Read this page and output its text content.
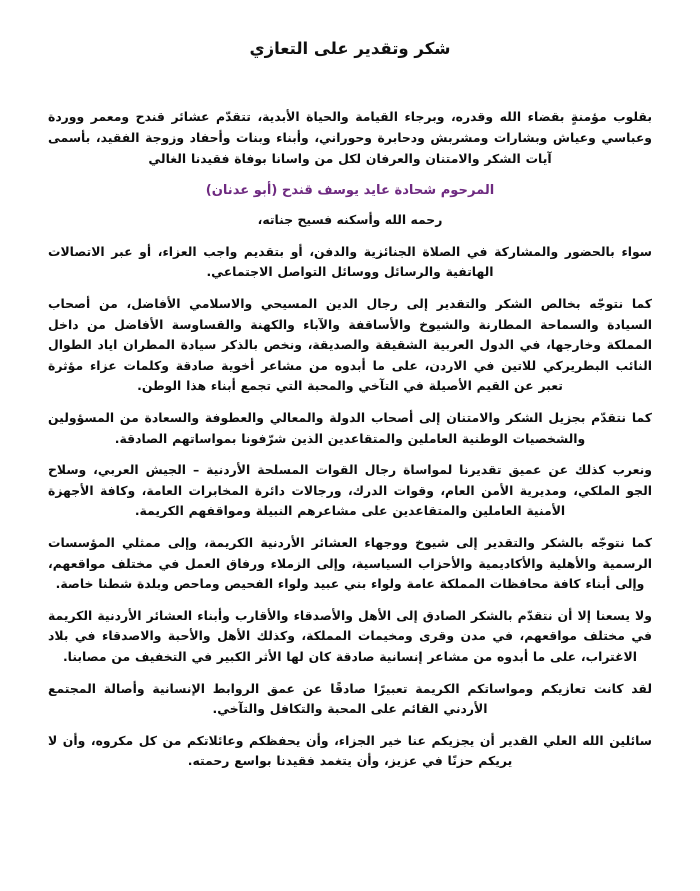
شكر وتقدير على التعازي

بقلوب مؤمنةٍ بقضاء الله وقدره، وبرجاء القيامة والحياة الأبدية، تتقدّم عشائر قندح ومعمر ووردة وعباسي وعياش وبشارات ومشربش ودحابرة وحوراني، وأبناء وبنات وأحفاد وزوجة الفقيد، بأسمى آيات الشكر والامتنان والعرفان لكل من واسانا بوفاة فقيدنا الغالي

المرحوم شحادة عايد يوسف قندح (أبو عدنان)

رحمه الله وأسكنه فسيح جناته،

سواء بالحضور والمشاركة في الصلاة الجنائزية والدفن، أو بتقديم واجب العزاء، أو عبر الاتصالات الهاتفية والرسائل ووسائل التواصل الاجتماعي.

كما نتوجّه بخالص الشكر والتقدير إلى رجال الدين المسيحي والاسلامي الأفاضل، من أصحاب السيادة والسماحة المطارنة والشيوخ والأساقفة والآباء والكهنة والقساوسة الأفاضل من داخل المملكة وخارجها، في الدول العربية الشقيقة والصديقة، ونخص بالذكر سيادة المطران اياد الطوال النائب البطريركي للاتين في الاردن، على ما أبدوه من مشاعر أخوية صادقة وكلمات عزاء مؤثرة تعبر عن القيم الأصيلة في التآخي والمحبة التي تجمع أبناء هذا الوطن.

كما نتقدّم بجزيل الشكر والامتنان إلى أصحاب الدولة والمعالي والعطوفة والسعادة من المسؤولين والشخصيات الوطنية العاملين والمتقاعدين الذين شرّفونا بمواساتهم الصادقة.

ونعرب كذلك عن عميق تقديرنا لمواساة رجال القوات المسلحة الأردنية – الجيش العربي، وسلاح الجو الملكي، ومديرية الأمن العام، وقوات الدرك، ورجالات دائرة المخابرات العامة، وكافة الأجهزة الأمنية العاملين والمتقاعدين على مشاعرهم النبيلة ومواقفهم الكريمة.

كما نتوجّه بالشكر والتقدير إلى شيوخ ووجهاء العشائر الأردنية الكريمة، وإلى ممثلي المؤسسات الرسمية والأهلية والأكاديمية والأحزاب السياسية، وإلى الزملاء ورفاق العمل في مختلف مواقعهم، وإلى أبناء كافة محافظات المملكة عامة ولواء بني عبيد ولواء الفحيص وماحص وبلدة شطنا خاصة.

ولا يسعنا إلا أن نتقدّم بالشكر الصادق إلى الأهل والأصدقاء والأقارب وأبناء العشائر الأردنية الكريمة في مختلف مواقعهم، في مدن وقرى ومخيمات المملكة، وكذلك الأهل والأحبة والاصدقاء في بلاد الاغتراب، على ما أبدوه من مشاعر إنسانية صادقة كان لها الأثر الكبير في التخفيف من مصابنا.

لقد كانت تعازيكم ومواساتكم الكريمة تعبيرًا صادقًا عن عمق الروابط الإنسانية وأصالة المجتمع الأردني القائم على المحبة والتكافل والتآخي.

سائلين الله العلي القدير أن يجزيكم عنا خير الجزاء، وأن يحفظكم وعائلاتكم من كل مكروه، وأن لا يريكم حزنًا في عزيز، وأن يتغمد فقيدنا بواسع رحمته.
